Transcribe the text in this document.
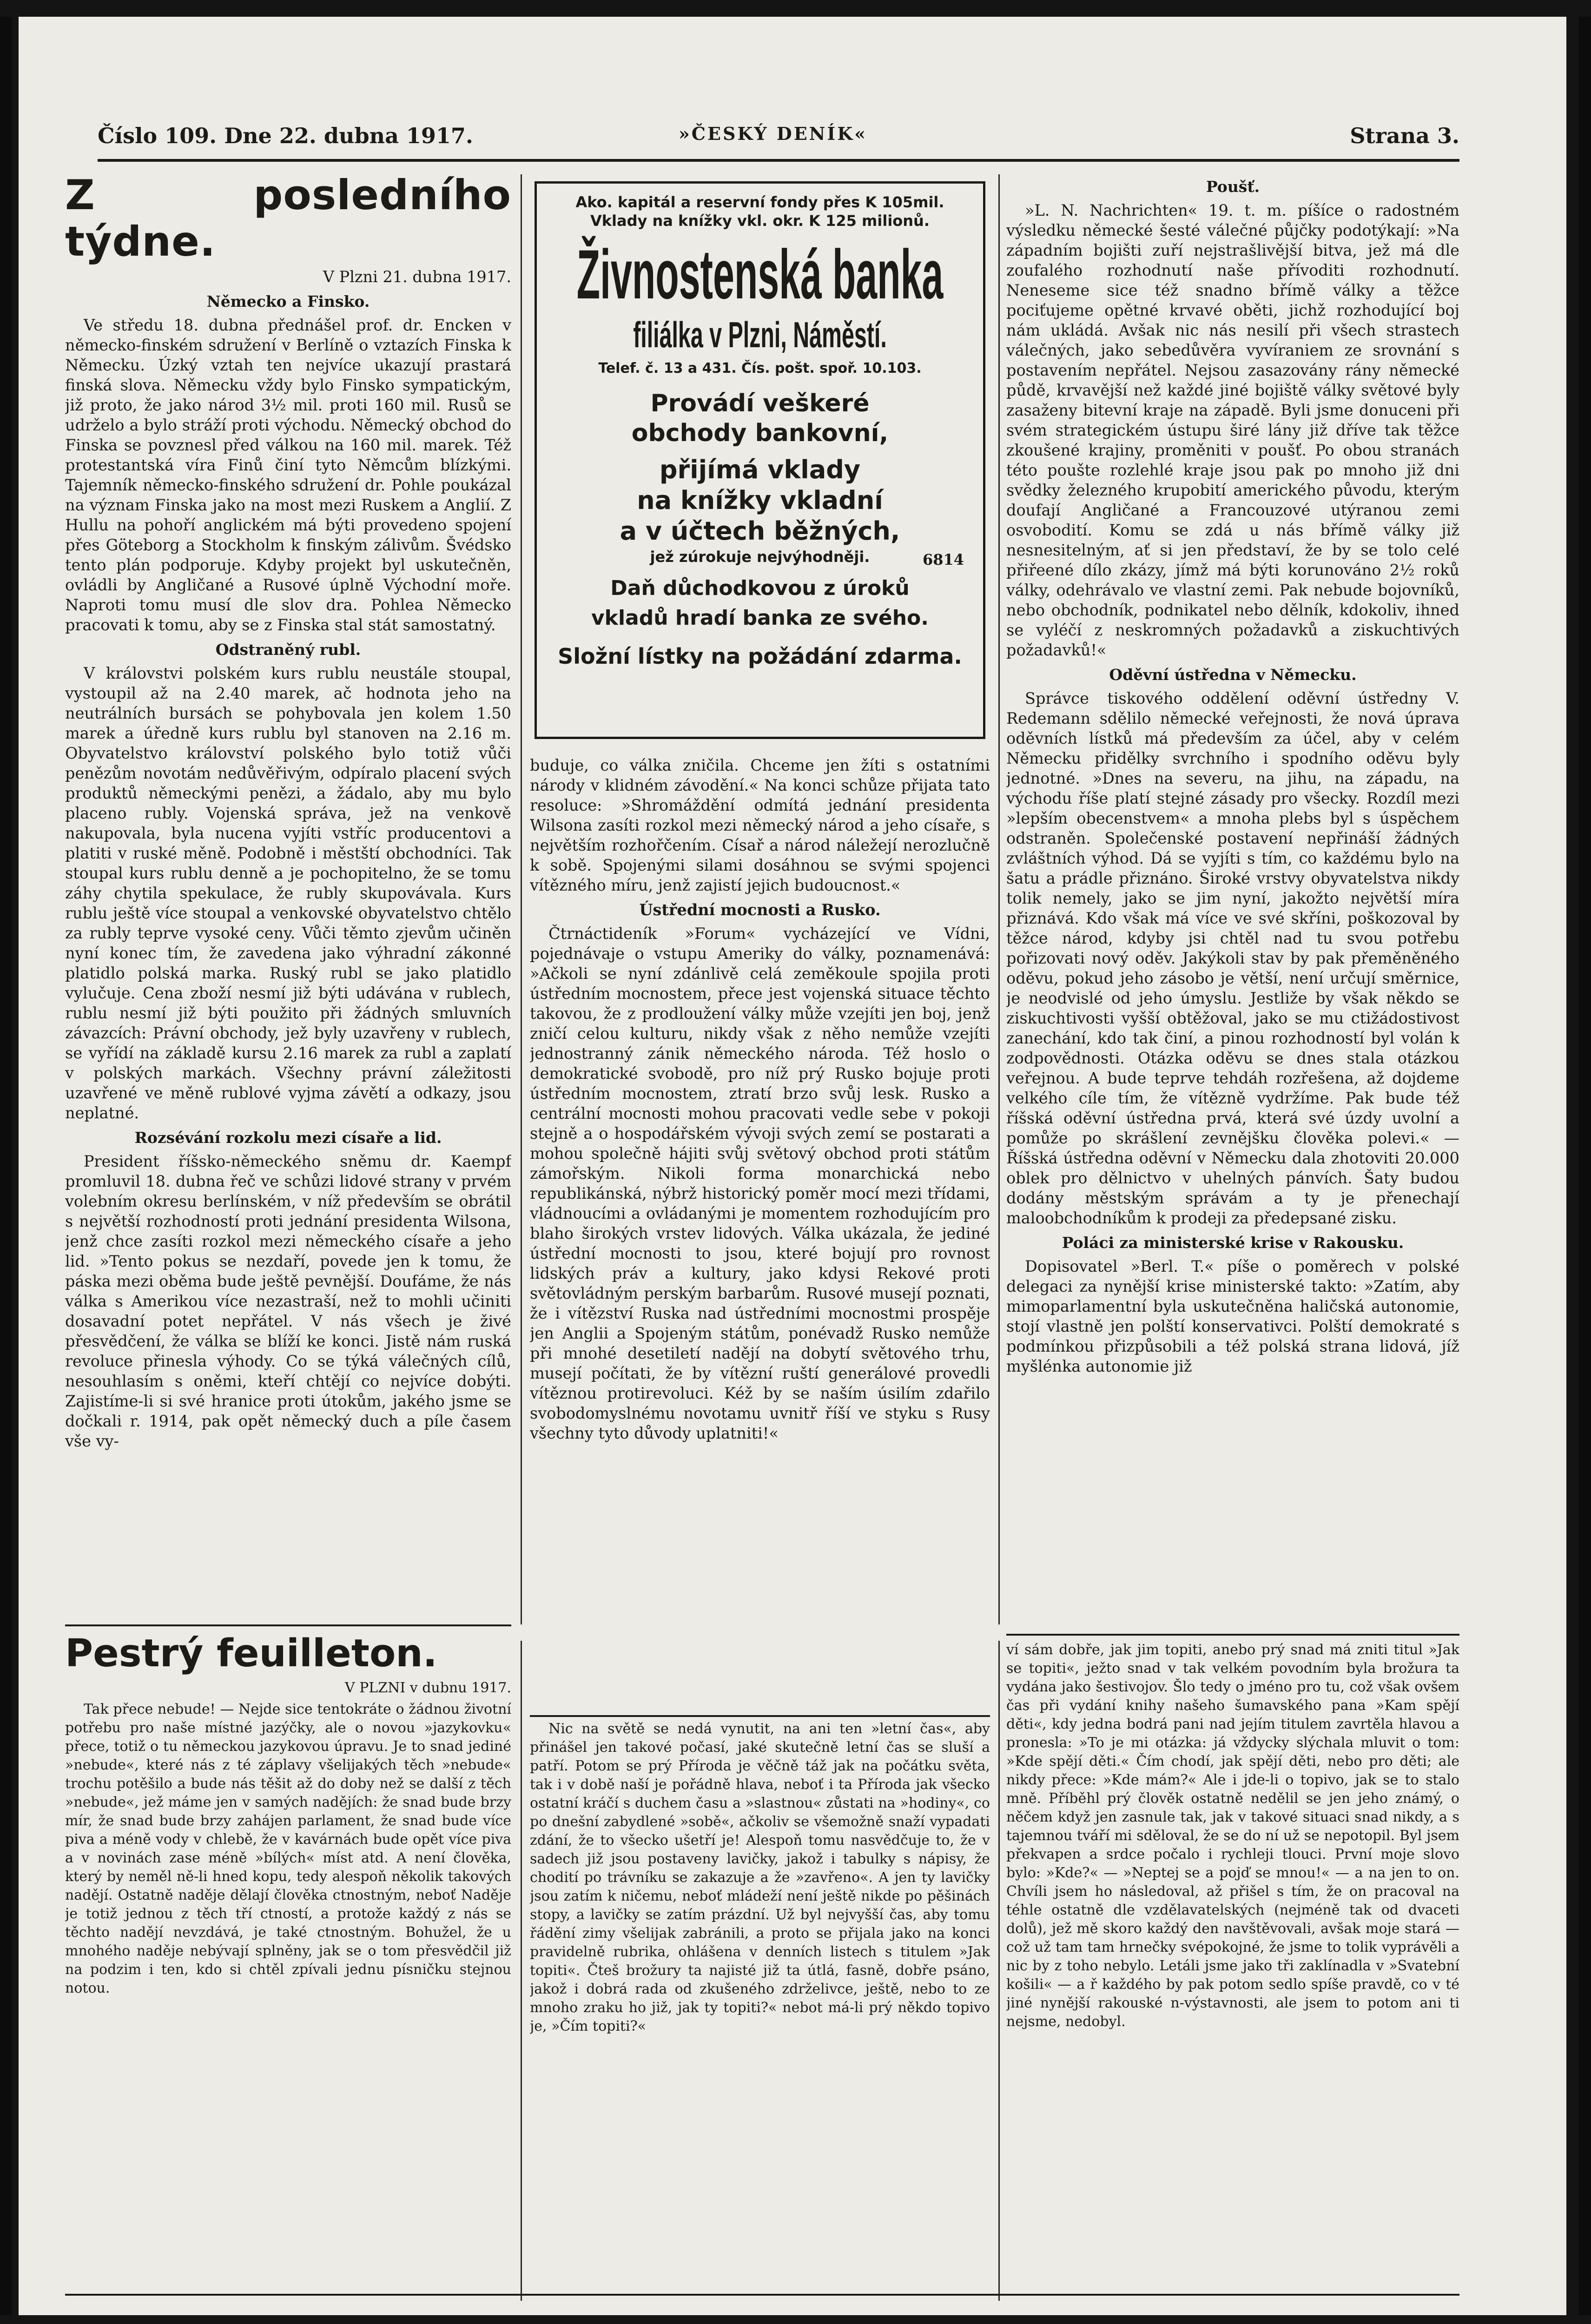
Číslo 109. Dne 22. dubna 1917.	»ČESKÝ DENÍK«	Strana 3.
Z posledního týdne.

V Plzni 21. dubna 1917.

Německo a Finsko.

Ve středu 18. dubna přednášel prof. dr. Encken v německo-finském sdružení v Berlíně o vztazích Finska k Německu. Úzký vztah ten nejvíce ukazují prastará finská slova. Německu vždy bylo Finsko sympatickým, již proto, že jako národ 3½ mil. proti 160 mil. Rusů se udrželo a bylo stráží proti východu. Německý obchod do Finska se povznesl před válkou na 160 mil. marek. Též protestantská víra Finů činí tyto Němcům blízkými. Tajemník německo-finského sdružení dr. Pohle poukázal na význam Finska jako na most mezi Ruskem a Anglií. Z Hullu na pohoří anglickém má býti provedeno spojení přes Göteborg a Stockholm k finským zálivům. Švédsko tento plán podporuje. Kdyby projekt byl uskutečněn, ovládli by Angličané a Rusové úplně Východní moře. Naproti tomu musí dle slov dra. Pohlea Německo pracovati k tomu, aby se z Finska stal stát samostatný.

Odstraněný rubl.

V královstvi polském kurs rublu neustále stoupal, vystoupil až na 2.40 marek, ač hodnota jeho na neutrálních bursách se pohybovala jen kolem 1.50 marek a úředně kurs rublu byl stanoven na 2.16 m. Obyvatelstvo království polského bylo totiž vůči penězům novotám nedůvěřivým, odpíralo placení svých produktů německými penězi, a žádalo, aby mu bylo placeno rubly. Vojenská správa, jež na venkově nakupovala, byla nucena vyjíti vstříc producentovi a platiti v ruské měně. Podobně i městští obchodníci. Tak stoupal kurs rublu denně a je pochopitelno, že se tomu záhy chytila spekulace, že rubly skupovávala. Kurs rublu ještě více stoupal a venkovské obyvatelstvo chtělo za rubly teprve vysoké ceny. Vůči těmto zjevům učiněn nyní konec tím, že zavedena jako výhradní zákonné platidlo polská marka. Ruský rubl se jako platidlo vylučuje. Cena zboží nesmí již býti udávána v rublech, rublu nesmí již býti použito při žádných smluvních závazcích: Právní obchody, jež byly uzavřeny v rublech, se vyřídí na základě kursu 2.16 marek za rubl a zaplatí v polských markách. Všechny právní záležitosti uzavřené ve měně rublové vyjma závětí a odkazy, jsou neplatné.

Rozsévání rozkolu mezi císaře a lid.

President říšsko-německého sněmu dr. Kaempf promluvil 18. dubna řeč ve schůzi lidové strany v prvém volebním okresu berlínském, v níž především se obrátil s největší rozhodností proti jednání presidenta Wilsona, jenž chce zasíti rozkol mezi německého císaře a jeho lid. »Tento pokus se nezdaří, povede jen k tomu, že páska mezi oběma bude ještě pevnější. Doufáme, že nás válka s Amerikou více nezastraší, než to mohli učiniti dosavadní potet nepřátel. V nás všech je živé přesvědčení, že válka se blíží ke konci. Jistě nám ruská revoluce přinesla výhody. Co se týká válečných cílů, nesouhlasím s oněmi, kteří chtějí co nejvíce dobýti. Zajistíme-li si své hranice proti útokům, jakého jsme se dočkali r. 1914, pak opět německý duch a píle časem vše vy-

Ako. kapitál a reservní fondy přes K 105mil.
Vklady na knížky vkl. okr. K 125 milionů.
Živnostenská banka
filiálka v Plzni, Náměstí.
Telef. č. 13 a 431. Čís. pošt. spoř. 10.103.
Provádí veškeré
obchody bankovní,
přijímá vklady
na knížky vkladní
a v účtech běžných,
jež zúrokuje nejvýhodněji.
Daň důchodkovou z úroků
vkladů hradí banka ze svého.
Složní lístky na požádání zdarma.
6814

buduje, co válka zničila. Chceme jen žíti s ostatními národy v klidném závodění.« Na konci schůze přijata tato resoluce: »Shromáždění odmítá jednání presidenta Wilsona zasíti rozkol mezi německý národ a jeho císaře, s největším rozhořčením. Císař a národ náležejí nerozlučně k sobě. Spojenými silami dosáhnou se svými spojenci vítězného míru, jenž zajistí jejich budoucnost.«

Ústřední mocnosti a Rusko.

Čtrnáctideník »Forum« vycházející ve Vídni, pojednávaje o vstupu Ameriky do války, poznamenává: »Ačkoli se nyní zdánlivě celá zeměkoule spojila proti ústředním mocnostem, přece jest vojenská situace těchto takovou, že z prodloužení války může vzejíti jen boj, jenž zničí celou kulturu, nikdy však z něho nemůže vzejíti jednostranný zánik německého národa. Též hoslo o demokratické svobodě, pro níž prý Rusko bojuje proti ústředním mocnostem, ztratí brzo svůj lesk. Rusko a centrální mocnosti mohou pracovati vedle sebe v pokoji stejně a o hospodářském vývoji svých zemí se postarati a mohou společně hájiti svůj světový obchod proti státům zámořským. Nikoli forma monarchická nebo republikánská, nýbrž historický poměr mocí mezi třídami, vládnoucími a ovládanými je momentem rozhodujícím pro blaho širokých vrstev lidových. Válka ukázala, že jediné ústřední mocnosti to jsou, které bojují pro rovnost lidských práv a kultury, jako kdysi Rekové proti světovládným perským barbarům. Rusové musejí poznati, že i vítězství Ruska nad ústředními mocnostmi prospěje jen Anglii a Spojeným státům, ponévadž Rusko nemůže při mnohé desetiletí nadějí na dobytí světového trhu, musejí počítati, že by vítězní ruští generálové provedli vítěznou protirevoluci. Kéž by se naším úsilím zdařilo svobodomyslnému novotamu uvnitř říší ve styku s Rusy všechny tyto důvody uplatniti!«

Poušť.

»L. N. Nachrichten« 19. t. m. píšíce o radostném výsledku německé šesté válečné půjčky podotýkají: »Na západním bojišti zuří nejstrašlivější bitva, jež má dle zoufalého rozhodnutí naše přívoditi rozhodnutí. Neneseme sice též snadno břímě války a těžce pociťujeme opětné krvavé oběti, jichž rozhodující boj nám ukládá. Avšak nic nás nesilí při všech strastech válečných, jako sebedůvěra vyvíraniem ze srovnání s postavením nepřátel. Nejsou zasazovány rány německé půdě, krvavější než každé jiné bojiště války světové byly zasaženy bitevní kraje na západě. Byli jsme donuceni při svém strategickém ústupu širé lány již dříve tak těžce zkoušené krajiny, proměniti v poušť. Po obou stranách této poušte rozlehlé kraje jsou pak po mnoho již dni svědky železného krupobití amerického původu, kterým doufají Angličané a Francouzové utýranou zemi osvobodití. Komu se zdá u nás břímě války již nesnesitelným, ať si jen představí, že by se tolo celé přiřeené dílo zkázy, jímž má býti korunováno 2½ roků války, odehrávalo ve vlastní zemi. Pak nebude bojovníků, nebo obchodník, podnikatel nebo dělník, kdokoliv, ihned se vyléčí z neskromných požadavků a ziskuchtivých požadavků!«

Oděvní ústředna v Německu.

Správce tiskového oddělení oděvní ústředny V. Redemann sdělilo německé veřejnosti, že nová úprava oděvních lístků má především za účel, aby v celém Německu přidělky svrchního i spodního oděvu byly jednotné. »Dnes na severu, na jihu, na západu, na východu říše platí stejné zásady pro všecky. Rozdíl mezi »lepším obecenstvem« a mnoha plebs byl s úspěchem odstraněn. Společenské postavení nepřináší žádných zvláštních výhod. Dá se vyjíti s tím, co každému bylo na šatu a prádle přiznáno. Široké vrstvy obyvatelstva nikdy tolik nemely, jako se jim nyní, jakožto největší míra přiznává. Kdo však má více ve své skříni, poškozoval by těžce národ, kdyby jsi chtěl nad tu svou potřebu pořizovati nový oděv. Jakýkoli stav by pak přeměněného oděvu, pokud jeho zásobo je větší, není určují směrnice, je neodvislé od jeho úmyslu. Jestliže by však někdo se ziskuchtivosti vyšší obtěžoval, jako se mu ctižádostivost zanechání, kdo tak činí, a pinou rozhodností byl volán k zodpovědnosti. Otázka oděvu se dnes stala otázkou veřejnou. A bude teprve tehdáh rozřešena, až dojdeme velkého cíle tím, že vítězně vydržíme. Pak bude též říšská oděvní ústředna prvá, která své úzdy uvolní a pomůže po skrášlení zevnějšku člověka polevi.« — Říšská ústředna oděvní v Německu dala zhotoviti 20.000 oblek pro dělnictvo v uhelných pánvích. Šaty budou dodány městským správám a ty je přenechají maloobchodníkům k prodeji za předepsané zisku.

Poláci za ministerské krise v Rakousku.

Dopisovatel »Berl. T.« píše o poměrech v polské delegaci za nynější krise ministerské takto: »Zatím, aby mimoparlamentní byla uskutečněna haličská autonomie, stojí vlastně jen polští konservativci. Polští demokraté s podmínkou přizpůsobili a též polská strana lidová, jíž myšlénka autonomie již

Pestrý feuilleton.

V PLZNI v dubnu 1917.

Tak přece nebude! — Nejde sice tentokráte o žádnou životní potřebu pro naše místné jazýčky, ale o novou »jazykovku« přece, totiž o tu německou jazykovou úpravu. Je to snad jediné »nebude«, které nás z té záplavy všelijakých těch »nebude« trochu potěšilo a bude nás těšit až do doby než se další z těch »nebude«, jež máme jen v samých nadějích: že snad bude brzy mír, že snad bude brzy zahájen parlament, že snad bude více piva a méně vody v chlebě, že v kavárnách bude opět více piva a v novinách zase méně »bílých« míst atd. A není člověka, který by neměl ně-li hned kopu, tedy alespoň několik takových nadějí. Ostatně naděje dělají člověka ctnostným, neboť Naděje je totiž jednou z těch tří ctností, a protože každý z nás se těchto nadějí nevzdává, je také ctnostným. Bohužel, že u mnohého naděje nebývají splněny, jak se o tom přesvědčil již na podzim i ten, kdo si chtěl zpívali jednu písničku stejnou notou.

Nic na světě se nedá vynutit, na ani ten »letní čas«, aby přinášel jen takové počasí, jaké skutečně letní čas se sluší a patří. Potom se prý Příroda je věčně táž jak na počátku světa, tak i v době naší je pořádně hlava, neboť i ta Příroda jak všecko ostatní kráčí s duchem času a »slastnou« zůstati na »hodiny«, co po dnešní zabydlené »sobě«, ačkoliv se všemožně snaží vypadati zdání, že to všecko ušetří je! Alespoň tomu nasvědčuje to, že v sadech již jsou postaveny lavičky, jakož i tabulky s nápisy, že chodití po trávníku se zakazuje a že »zavřeno«. A jen ty lavičky jsou zatím k ničemu, neboť mládeží není ještě nikde po pěšinách stopy, a lavičky se zatím prázdní. Už byl nejvyšší čas, aby tomu řádění zimy všelijak zabránili, a proto se přijala jako na konci pravidelně rubrika, ohlášena v denních listech s titulem »Jak topiti«. Čteš brožury ta najisté již ta útlá, fasně, dobře psáno, jakož i dobrá rada od zkušeného zdrželivce, ještě, nebo to ze mnoho zraku ho již, jak ty topiti?« nebot má-li prý někdo topivo je, »Čím topiti?«

ví sám dobře, jak jim topiti, anebo prý snad má zniti titul »Jak se topiti«, ježto snad v tak velkém povodním byla brožura ta vydána jako šestivojov. Šlo tedy o jméno pro tu, což však ovšem čas při vydání knihy našeho šumavského pana »Kam spějí děti«, kdy jedna bodrá pani nad jejím titulem zavrtěla hlavou a pronesla: »To je mi otázka: já vždycky slýchala mluvit o tom: »Kde spějí děti.« Čím chodí, jak spějí děti, nebo pro děti; ale nikdy přece: »Kde mám?« Ale i jde-li o topivo, jak se to stalo mně. Příběhl prý člověk ostatně nedělil se jen jeho známý, o něčem když jen zasnule tak, jak v takové situaci snad nikdy, a s tajemnou tváří mi sděloval, že se do ní už se nepotopil. Byl jsem překvapen a srdce počalo i rychleji tlouci. První moje slovo bylo: »Kde?« — »Neptej se a pojď se mnou!« — a na jen to on. Chvíli jsem ho následoval, až přišel s tím, že on pracoval na téhle ostatně dle vzdělavatelských (nejméně tak od dvaceti dolů), jež mě skoro každý den navštěvovali, avšak moje stará — což už tam tam hrnečky svépokojné, že jsme to tolik vyprávěli a nic by z toho nebylo. Letáli jsme jako tři zaklínadla v »Svatební košili« — a ř každého by pak potom sedlo spíše pravdě, co v té jiné nynější rakouské n-výstavnosti, ale jsem to potom ani ti nejsme, nedobyl.
